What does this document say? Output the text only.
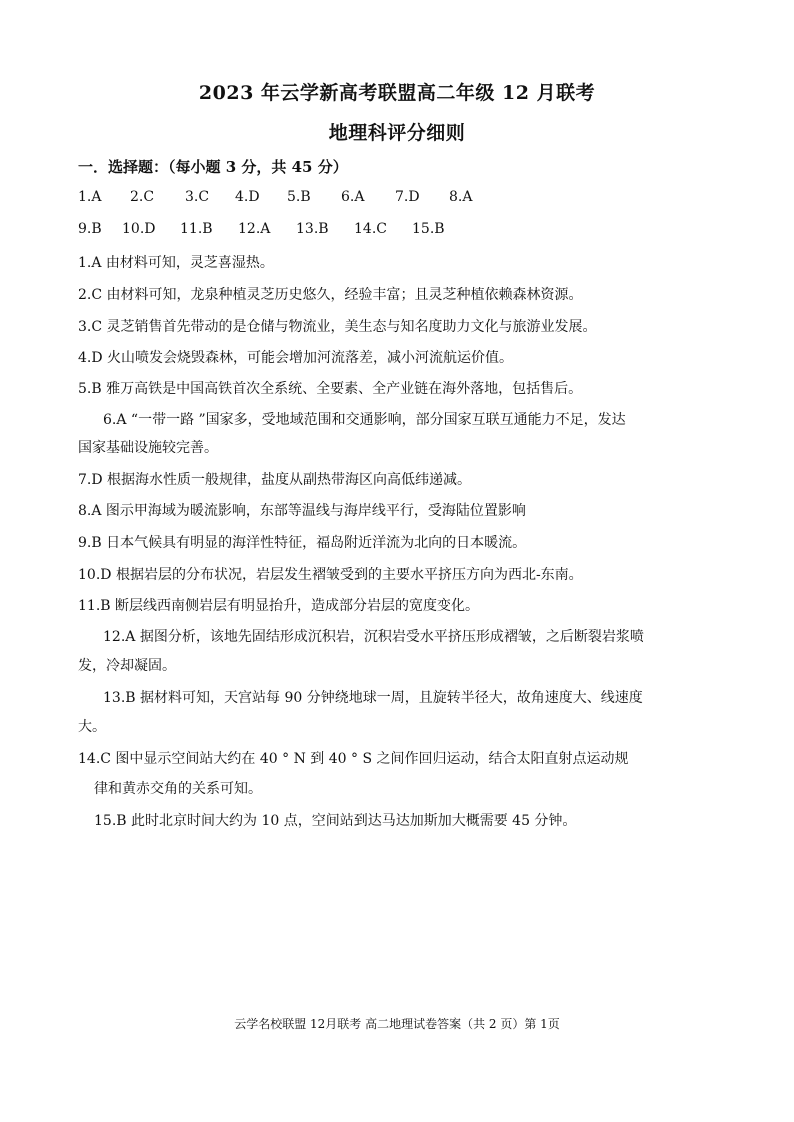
2023 年云学新高考联盟高二年级 12 月联考
地理科评分细则
一．选择题：（每小题 3 分，共 45 分）
1.A 2.C 3.C 4.D 5.B 6.A 7.D 8.A
9.B 10.D 11.B 12.A 13.B 14.C 15.B
1.A 由材料可知，灵芝喜湿热。
2.C 由材料可知，龙泉种植灵芝历史悠久，经验丰富；且灵芝种植依赖森林资源。
3.C 灵芝销售首先带动的是仓储与物流业，美生态与知名度助力文化与旅游业发展。
4.D 火山喷发会烧毁森林，可能会增加河流落差，减小河流航运价值。
5.B 雅万高铁是中国高铁首次全系统、全要素、全产业链在海外落地，包括售后。
6.A “一带一路 ”国家多，受地域范围和交通影响，部分国家互联互通能力不足，发达
国家基础设施较完善。
7.D 根据海水性质一般规律，盐度从副热带海区向高低纬递减。
8.A 图示甲海域为暖流影响，东部等温线与海岸线平行，受海陆位置影响
9.B 日本气候具有明显的海洋性特征，福岛附近洋流为北向的日本暖流。
10.D 根据岩层的分布状况，岩层发生褶皱受到的主要水平挤压方向为西北-东南。
11.B 断层线西南侧岩层有明显抬升，造成部分岩层的宽度变化。
12.A 据图分析，该地先固结形成沉积岩，沉积岩受水平挤压形成褶皱，之后断裂岩浆喷
发，冷却凝固。
13.B 据材料可知，天宫站每 90 分钟绕地球一周，且旋转半径大，故角速度大、线速度
大。
14.C 图中显示空间站大约在 40 ° N 到 40 ° S 之间作回归运动，结合太阳直射点运动规
律和黄赤交角的关系可知。
15.B 此时北京时间大约为 10 点，空间站到达马达加斯加大概需要 45 分钟。
云学名校联盟 12月联考 高二地理试卷答案（共 2 页）第 1页
